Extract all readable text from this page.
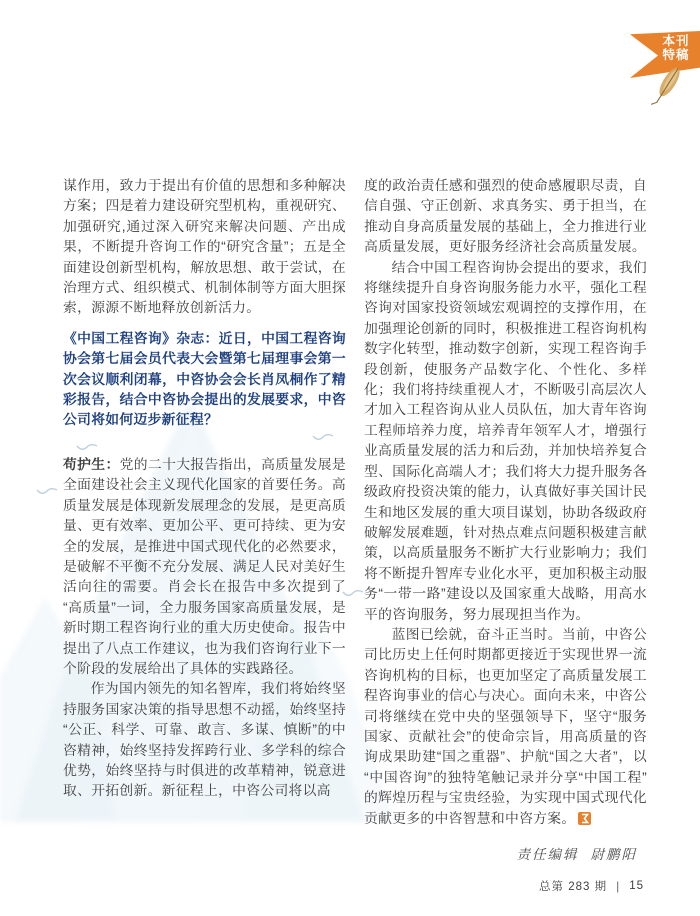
本刊
特稿

谋作用，致力于提出有价值的思想和多种解决方案；四是着力建设研究型机构，重视研究、加强研究,通过深入研究来解决问题、产出成果，不断提升咨询工作的“研究含量”；五是全面建设创新型机构，解放思想、敢于尝试，在治理方式、组织模式、机制体制等方面大胆探索，源源不断地释放创新活力。

《中国工程咨询》杂志：近日，中国工程咨询协会第七届会员代表大会暨第七届理事会第一次会议顺利闭幕，中咨协会会长肖凤桐作了精彩报告，结合中咨协会提出的发展要求，中咨公司将如何迈步新征程？

苟护生：党的二十大报告指出，高质量发展是全面建设社会主义现代化国家的首要任务。高质量发展是体现新发展理念的发展，是更高质量、更有效率、更加公平、更可持续、更为安全的发展，是推进中国式现代化的必然要求，是破解不平衡不充分发展、满足人民对美好生活向往的需要。肖会长在报告中多次提到了“高质量”一词，全力服务国家高质量发展，是新时期工程咨询行业的重大历史使命。报告中提出了八点工作建议，也为我们咨询行业下一个阶段的发展给出了具体的实践路径。

作为国内领先的知名智库，我们将始终坚持服务国家决策的指导思想不动摇，始终坚持“公正、科学、可靠、敢言、多谋、慎断”的中咨精神，始终坚持发挥跨行业、多学科的综合优势，始终坚持与时俱进的改革精神，锐意进取、开拓创新。新征程上，中咨公司将以高

度的政治责任感和强烈的使命感履职尽责，自信自强、守正创新、求真务实、勇于担当，在推动自身高质量发展的基础上，全力推进行业高质量发展，更好服务经济社会高质量发展。

结合中国工程咨询协会提出的要求，我们将继续提升自身咨询服务能力水平，强化工程咨询对国家投资领域宏观调控的支撑作用，在加强理论创新的同时，积极推进工程咨询机构数字化转型，推动数字创新，实现工程咨询手段创新，使服务产品数字化、个性化、多样化；我们将持续重视人才，不断吸引高层次人才加入工程咨询从业人员队伍，加大青年咨询工程师培养力度，培养青年领军人才，增强行业高质量发展的活力和后劲，并加快培养复合型、国际化高端人才；我们将大力提升服务各级政府投资决策的能力，认真做好事关国计民生和地区发展的重大项目谋划，协助各级政府破解发展难题，针对热点难点问题积极建言献策，以高质量服务不断扩大行业影响力；我们将不断提升智库专业化水平，更加积极主动服务“一带一路”建设以及国家重大战略，用高水平的咨询服务，努力展现担当作为。

蓝图已绘就，奋斗正当时。当前，中咨公司比历史上任何时期都更接近于实现世界一流咨询机构的目标，也更加坚定了高质量发展工程咨询事业的信心与决心。面向未来，中咨公司将继续在党中央的坚强领导下，坚守“服务国家、贡献社会”的使命宗旨，用高质量的咨询成果助建“国之重器”、护航“国之大者”，以“中国咨询”的独特笔触记录并分享“中国工程”的辉煌历程与宝贵经验，为实现中国式现代化贡献更多的中咨智慧和中咨方案。

责任编辑 尉鹏阳
总第 283 期 | 15
